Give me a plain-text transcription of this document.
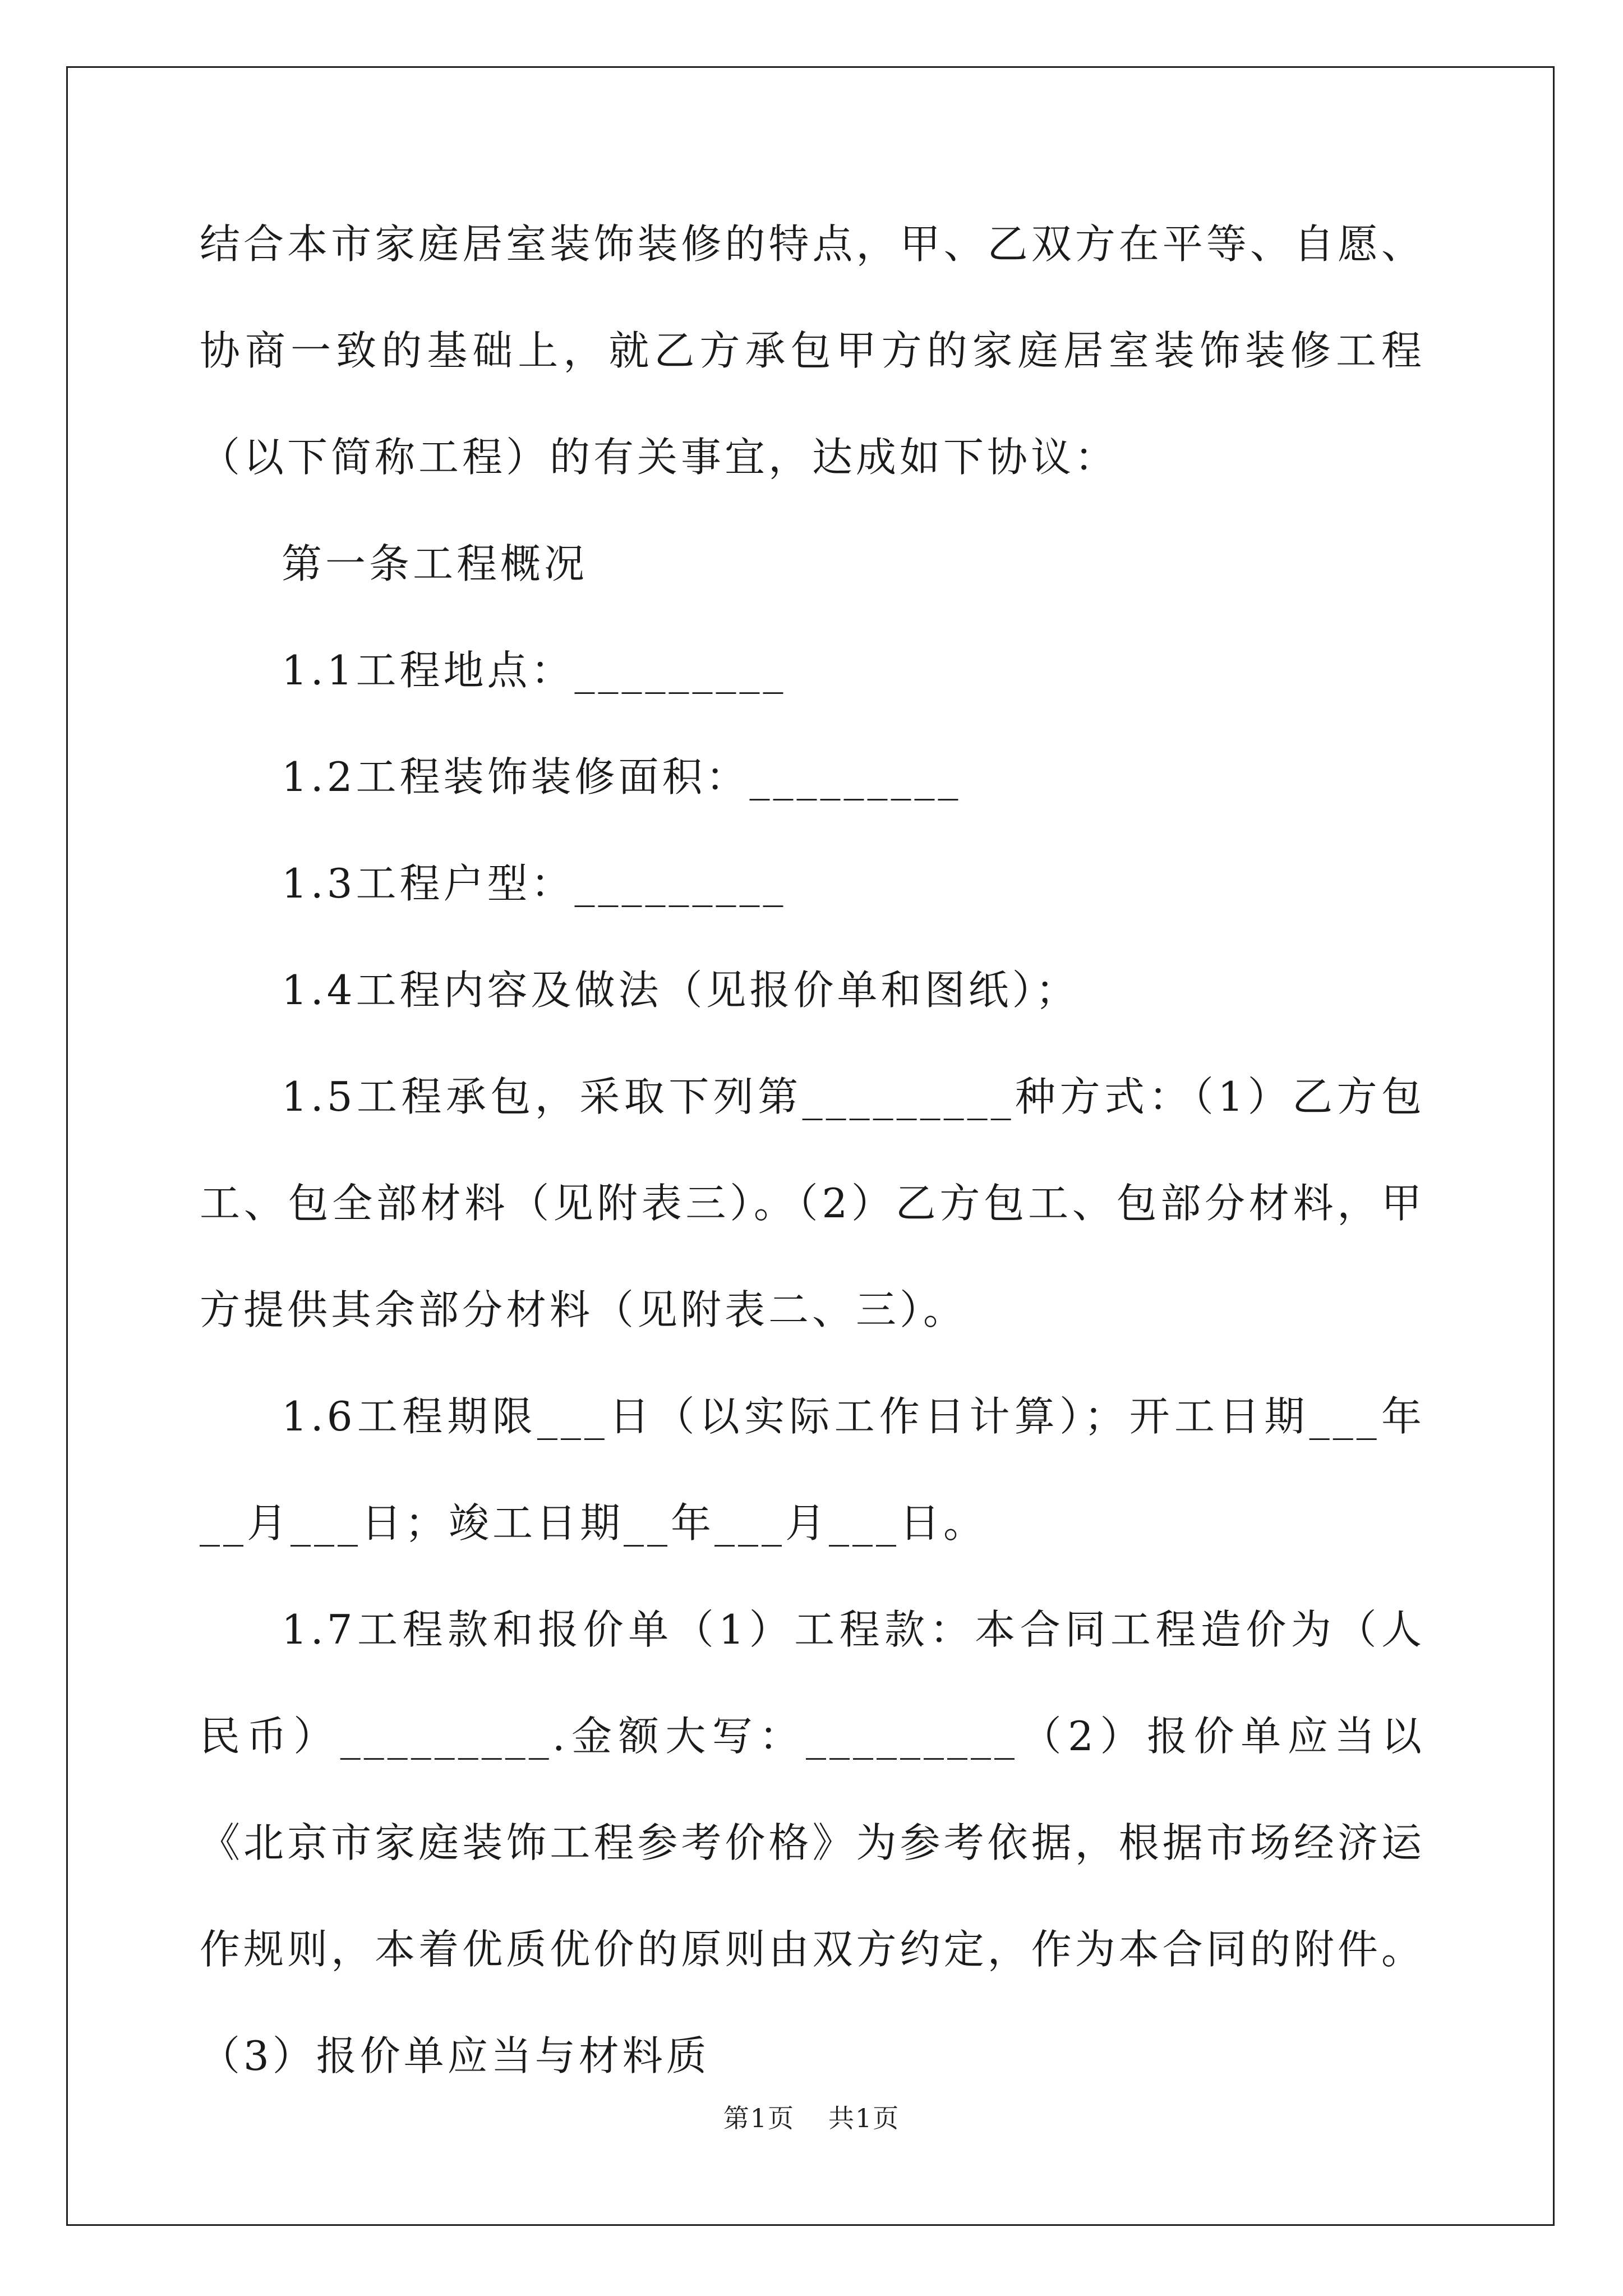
结合本市家庭居室装饰装修的特点，甲、乙双方在平等、自愿、协商一致的基础上，就乙方承包甲方的家庭居室装饰装修工程（以下简称工程）的有关事宜，达成如下协议：

第一条工程概况

1.1工程地点：_________

1.2工程装饰装修面积：_________

1.3工程户型：_________

1.4工程内容及做法（见报价单和图纸）；

1.5工程承包，采取下列第_________种方式：（1）乙方包工、包全部材料（见附表三）。（2）乙方包工、包部分材料，甲方提供其余部分材料（见附表二、三）。

1.6工程期限___日（以实际工作日计算）；开工日期___年__月___日；竣工日期__年___月___日。

1.7工程款和报价单（1）工程款：本合同工程造价为（人民币）_________.金额大写：_________（2）报价单应当以《北京市家庭装饰工程参考价格》为参考依据，根据市场经济运作规则，本着优质优价的原则由双方约定，作为本合同的附件。（3）报价单应当与材料质

第1页 共1页
